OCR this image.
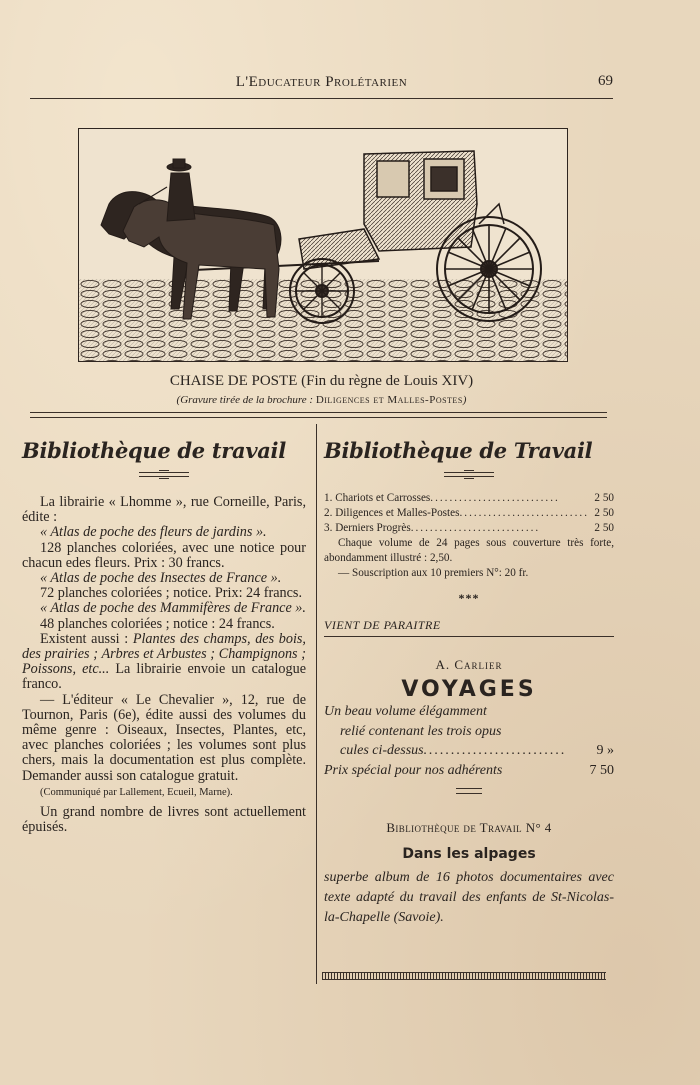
L'Educateur Prolétarien	69
CHAISE DE POSTE (Fin du règne de Louis XIV)
(Gravure tirée de la brochure : Diligences et Malles-Postes)
Bibliothèque de travail

La librairie « Lhomme », rue Corneille, Paris, édite :

« Atlas de poche des fleurs de jardins ».

128 planches coloriées, avec une notice pour chacun edes fleurs. Prix : 30 francs.

« Atlas de poche des Insectes de France ».

72 planches coloriées ; notice. Prix: 24 francs.

« Atlas de poche des Mammifères de France ».

48 planches coloriées ; notice : 24 francs.

Existent aussi : Plantes des champs, des bois, des prairies ; Arbres et Arbustes ; Champignons ; Poissons, etc... La librairie envoie un catalogue franco.

— L'éditeur « Le Chevalier », 12, rue de Tournon, Paris (6e), édite aussi des volumes du même genre : Oiseaux, Insectes, Plantes, etc, avec planches coloriées ; les volumes sont plus chers, mais la documentation est plus complète. Demander aussi son catalogue gratuit.

(Communiqué par Lallement, Ecueil, Marne).

Un grand nombre de livres sont actuellement épuisés.

Bibliothèque de Travail
1. Chariots et Carrosses ...........................	2 50
2. Diligences et Malles-Postes ........................... 2 50
3. Derniers Progrès ...........................	2 50

Chaque volume de 24 pages sous couverture très forte, abondamment illustré : 2,50.

— Souscription aux 10 premiers N°: 20 fr.

***
VIENT DE PARAITRE
A. Carlier
VOYAGES

Un beau volume élégamment

relié contenant les trois opus

cules ci-dessus ..........................	9 »
Prix spécial pour nos adhérents	7 50
Bibliothèque de Travail N° 4
Dans les alpages

superbe album de 16 photos documentaires avec texte adapté du travail des enfants de St-Nicolas-la-Chapelle (Savoie).
